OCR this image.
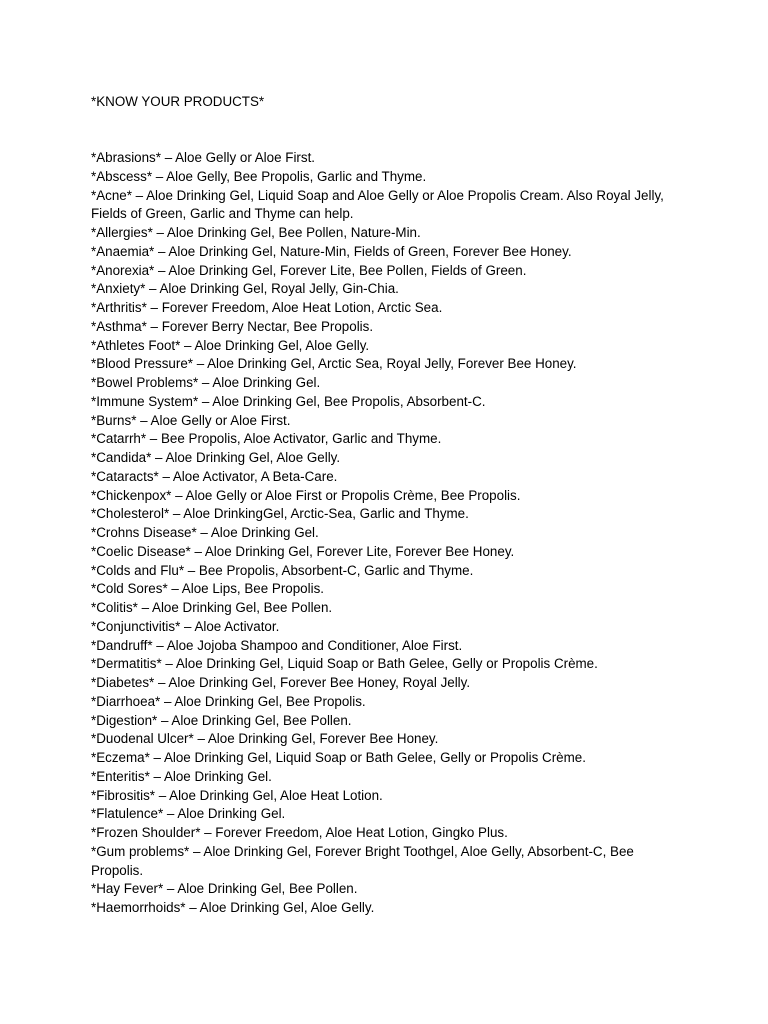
*KNOW YOUR PRODUCTS*
*Abrasions* – Aloe Gelly or Aloe First.
*Abscess* – Aloe Gelly, Bee Propolis, Garlic and Thyme.
*Acne* – Aloe Drinking Gel, Liquid Soap and Aloe Gelly or Aloe Propolis Cream. Also Royal Jelly, Fields of Green, Garlic and Thyme can help.
*Allergies* – Aloe Drinking Gel, Bee Pollen, Nature-Min.
*Anaemia* – Aloe Drinking Gel, Nature-Min, Fields of Green, Forever Bee Honey.
*Anorexia* – Aloe Drinking Gel, Forever Lite, Bee Pollen, Fields of Green.
*Anxiety* – Aloe Drinking Gel, Royal Jelly, Gin-Chia.
*Arthritis* – Forever Freedom, Aloe Heat Lotion, Arctic Sea.
*Asthma* – Forever Berry Nectar, Bee Propolis.
*Athletes Foot* – Aloe Drinking Gel, Aloe Gelly.
*Blood Pressure* – Aloe Drinking Gel, Arctic Sea, Royal Jelly, Forever Bee Honey.
*Bowel Problems* – Aloe Drinking Gel.
*Immune System* – Aloe Drinking Gel, Bee Propolis, Absorbent-C.
*Burns* – Aloe Gelly or Aloe First.
*Catarrh* – Bee Propolis, Aloe Activator, Garlic and Thyme.
*Candida* – Aloe Drinking Gel, Aloe Gelly.
*Cataracts* – Aloe Activator, A Beta-Care.
*Chickenpox* – Aloe Gelly or Aloe First or Propolis Crème, Bee Propolis.
*Cholesterol* – Aloe DrinkingGel, Arctic-Sea, Garlic and Thyme.
*Crohns Disease* – Aloe Drinking Gel.
*Coelic Disease* – Aloe Drinking Gel, Forever Lite, Forever Bee Honey.
*Colds and Flu* – Bee Propolis, Absorbent-C, Garlic and Thyme.
*Cold Sores* – Aloe Lips, Bee Propolis.
*Colitis* – Aloe Drinking Gel, Bee Pollen.
*Conjunctivitis* – Aloe Activator.
*Dandruff* – Aloe Jojoba Shampoo and Conditioner, Aloe First.
*Dermatitis* – Aloe Drinking Gel, Liquid Soap or Bath Gelee, Gelly or Propolis Crème.
*Diabetes* – Aloe Drinking Gel, Forever Bee Honey, Royal Jelly.
*Diarrhoea* – Aloe Drinking Gel, Bee Propolis.
*Digestion* – Aloe Drinking Gel, Bee Pollen.
*Duodenal Ulcer* – Aloe Drinking Gel, Forever Bee Honey.
*Eczema* – Aloe Drinking Gel, Liquid Soap or Bath Gelee, Gelly or Propolis Crème.
*Enteritis* – Aloe Drinking Gel.
*Fibrositis* – Aloe Drinking Gel, Aloe Heat Lotion.
*Flatulence* – Aloe Drinking Gel.
*Frozen Shoulder* – Forever Freedom, Aloe Heat Lotion, Gingko Plus.
*Gum problems* – Aloe Drinking Gel, Forever Bright Toothgel, Aloe Gelly, Absorbent-C, Bee Propolis.
*Hay Fever* – Aloe Drinking Gel, Bee Pollen.
*Haemorrhoids* – Aloe Drinking Gel, Aloe Gelly.
